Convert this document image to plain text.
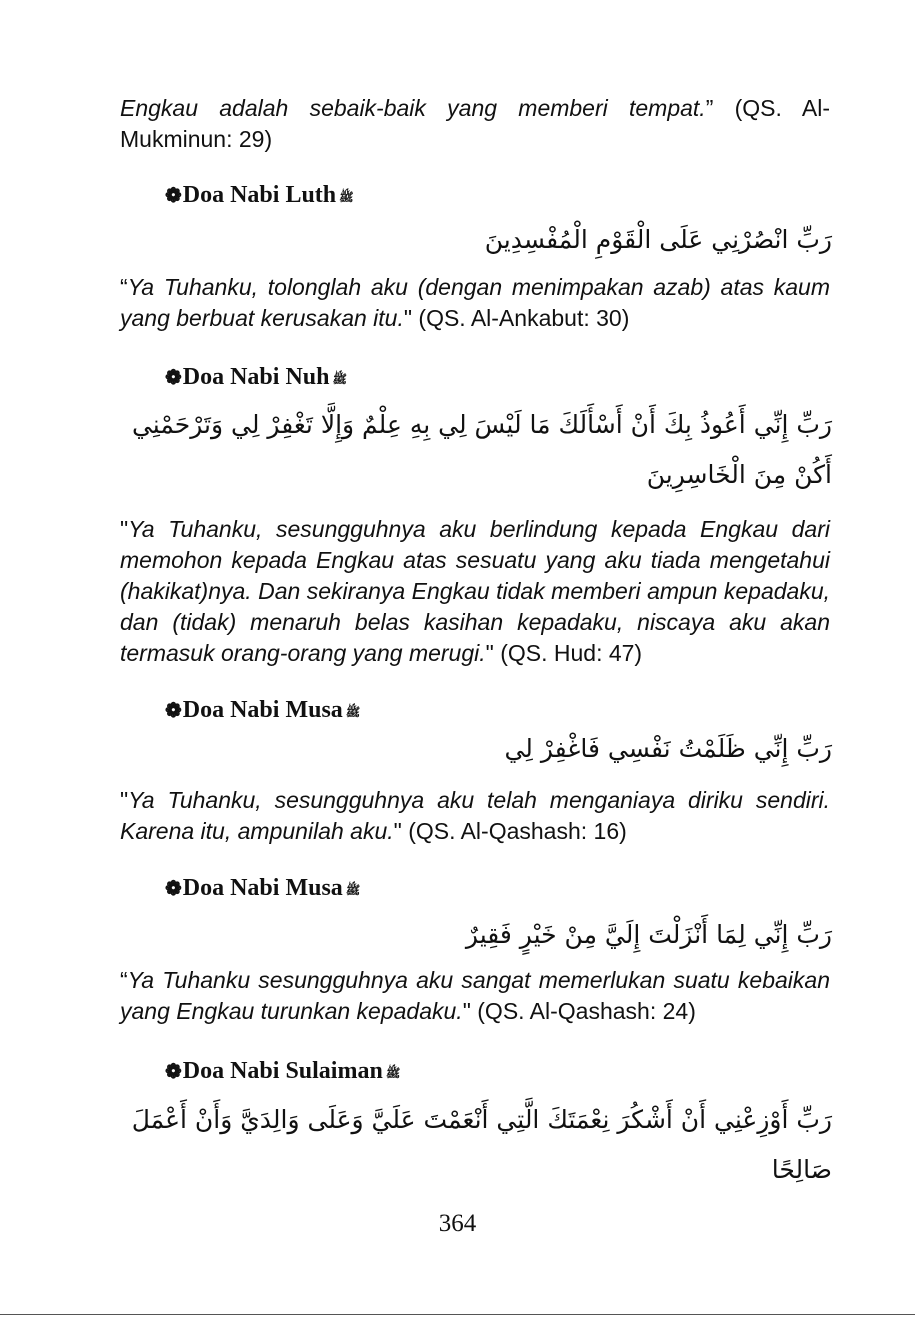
Engkau adalah sebaik-baik yang memberi tempat.” (QS. Al-Mukminun: 29)

❁Doa Nabi Luth ﷺ

رَبِّ انْصُرْنِي عَلَى الْقَوْمِ الْمُفْسِدِينَ

“Ya Tuhanku, tolonglah aku (dengan menimpakan azab) atas kaum yang berbuat kerusakan itu." (QS. Al-Ankabut: 30)

❁Doa Nabi Nuh ﷺ

رَبِّ إِنِّي أَعُوذُ بِكَ أَنْ أَسْأَلَكَ مَا لَيْسَ لِي بِهِ عِلْمٌ وَإِلَّا تَغْفِرْ لِي وَتَرْحَمْنِي أَكُنْ مِنَ الْخَاسِرِينَ

"Ya Tuhanku, sesungguhnya aku berlindung kepada Engkau dari memohon kepada Engkau atas sesuatu yang aku tiada mengetahui (hakikat)nya. Dan sekiranya Engkau tidak memberi ampun kepadaku, dan (tidak) menaruh belas kasihan kepadaku, niscaya aku akan termasuk orang-orang yang merugi." (QS. Hud: 47)

❁Doa Nabi Musa ﷺ

رَبِّ إِنِّي ظَلَمْتُ نَفْسِي فَاغْفِرْ لِي

"Ya Tuhanku, sesungguhnya aku telah menganiaya diriku sendiri. Karena itu, ampunilah aku." (QS. Al-Qashash: 16)

❁Doa Nabi Musa ﷺ

رَبِّ إِنِّي لِمَا أَنْزَلْتَ إِلَيَّ مِنْ خَيْرٍ فَقِيرٌ

“Ya Tuhanku sesungguhnya aku sangat memerlukan suatu kebaikan yang Engkau turunkan kepadaku." (QS. Al-Qashash: 24)

❁Doa Nabi Sulaiman ﷺ

رَبِّ أَوْزِعْنِي أَنْ أَشْكُرَ نِعْمَتَكَ الَّتِي أَنْعَمْتَ عَلَيَّ وَعَلَى وَالِدَيَّ وَأَنْ أَعْمَلَ صَالِحًا

364
